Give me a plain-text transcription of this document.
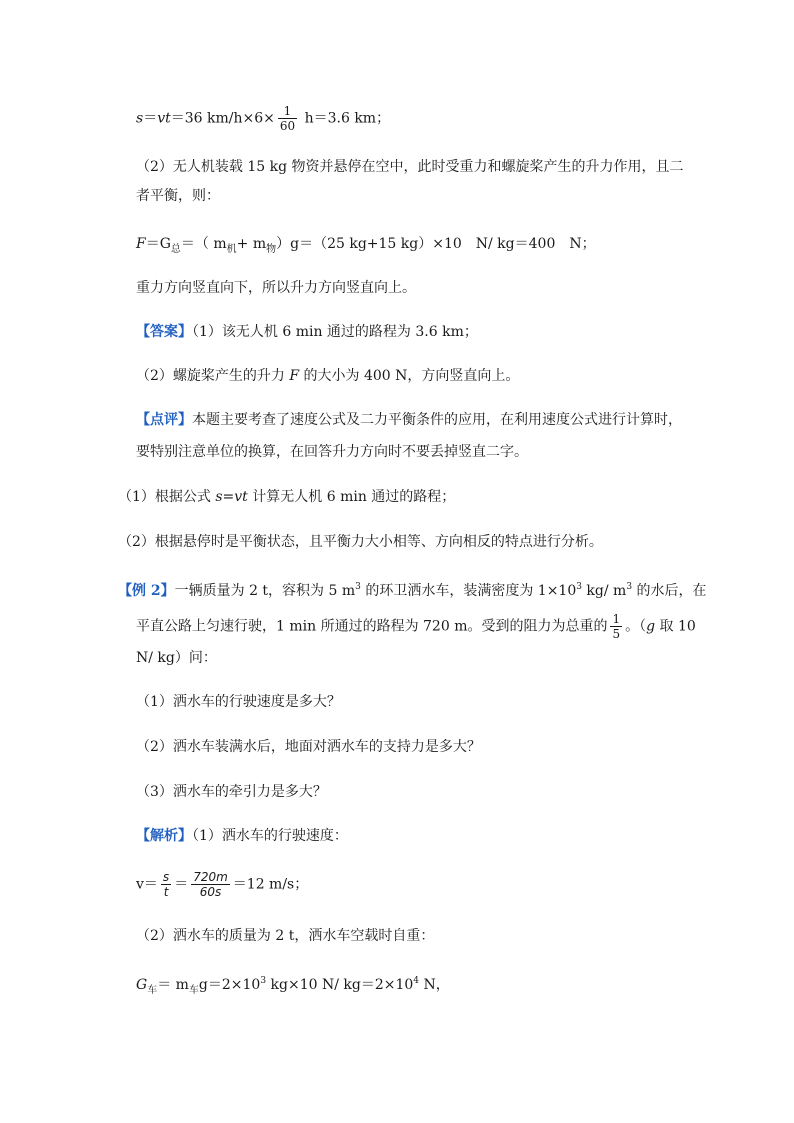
s＝vt＝36 $km/h\times 6\times \frac{1}{60} h=3.6$ km；
（2）无人机装载 15 kg 物资并悬停在空中，此时受重力和螺旋桨产生的升力作用，且二
者平衡，则：
$F=G_总=$（ $m_机+ m_物)g=(25$ kg+15 kg）×10　N/ kg＝400　N；
重力方向竖直向下，所以升力方向竖直向上。
【答案】（1）该无人机 6 min 通过的路程为 3.6 km；
（2）螺旋桨产生的升力 F 的大小为 400 N，方向竖直向上。
【点评】本题主要考查了速度公式及二力平衡条件的应用，在利用速度公式进行计算时，
要特别注意单位的换算，在回答升力方向时不要丢掉竖直二字。
（1）根据公式 s=vt 计算无人机 6 min 通过的路程；
（2）根据悬停时是平衡状态，且平衡力大小相等、方向相反的特点进行分析。
【例 2】一辆质量为 2 t，容积为 5 $m^3$ 的环卫洒水车，装满密度为 $1\times 10^3$ kg/ $m^3$ 的水后，在
平直公路上匀速行驶，1 min 所通过的路程为 720 m。受到的阻力为总重的 $\frac{1}{5}$ 。（g 取 10
N/ kg）问：
（1）洒水车的行驶速度是多大？
（2）洒水车装满水后，地面对洒水车的支持力是多大？
（3）洒水车的牵引力是多大？
【解析】（1）洒水车的行驶速度：
$v= \frac{s}{t} = \frac{720m}{60s} =12$ m/s；
（2）洒水车的质量为 2 t，洒水车空载时自重：
$G_车= m_车g=2\times 10^3$ kg×10 N/ $kg=2\times 10^4$ N，
